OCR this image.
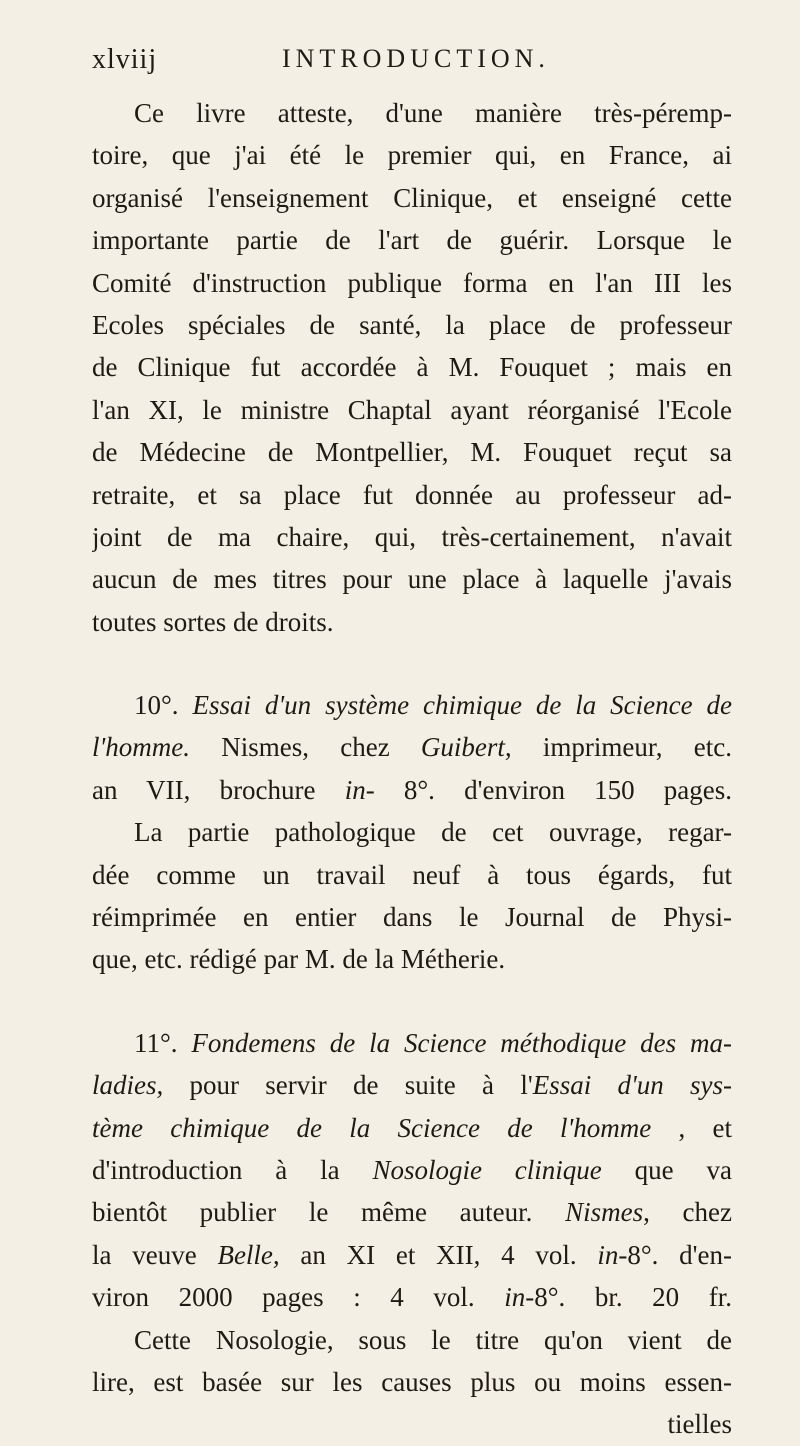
xlviij	INTRODUCTION.
Ce livre atteste, d'une manière très-péremp-
toire, que j'ai été le premier qui, en France, ai
organisé l'enseignement Clinique, et enseigné cette
importante partie de l'art de guérir. Lorsque le
Comité d'instruction publique forma en l'an III les
Ecoles spéciales de santé, la place de professeur
de Clinique fut accordée à M. Fouquet ; mais en
l'an XI, le ministre Chaptal ayant réorganisé l'Ecole
de Médecine de Montpellier, M. Fouquet reçut sa
retraite, et sa place fut donnée au professeur ad-
joint de ma chaire, qui, très-certainement, n'avait
aucun de mes titres pour une place à laquelle j'avais
toutes sortes de droits.
10°. Essai d'un système chimique de la Science de
l'homme. Nismes, chez Guibert, imprimeur, etc.
an VII, brochure in- 8°. d'environ 150 pages.
La partie pathologique de cet ouvrage, regar-
dée comme un travail neuf à tous égards, fut
réimprimée en entier dans le Journal de Physi-
que, etc. rédigé par M. de la Métherie.
11°. Fondemens de la Science méthodique des ma-
ladies, pour servir de suite à l'Essai d'un sys-
tème chimique de la Science de l'homme , et
d'introduction à la Nosologie clinique que va
bientôt publier le même auteur. Nismes, chez
la veuve Belle, an XI et XII, 4 vol. in-8°. d'en-
viron 2000 pages : 4 vol. in-8°. br. 20 fr.
Cette Nosologie, sous le titre qu'on vient de
lire, est basée sur les causes plus ou moins essen-
tielles
